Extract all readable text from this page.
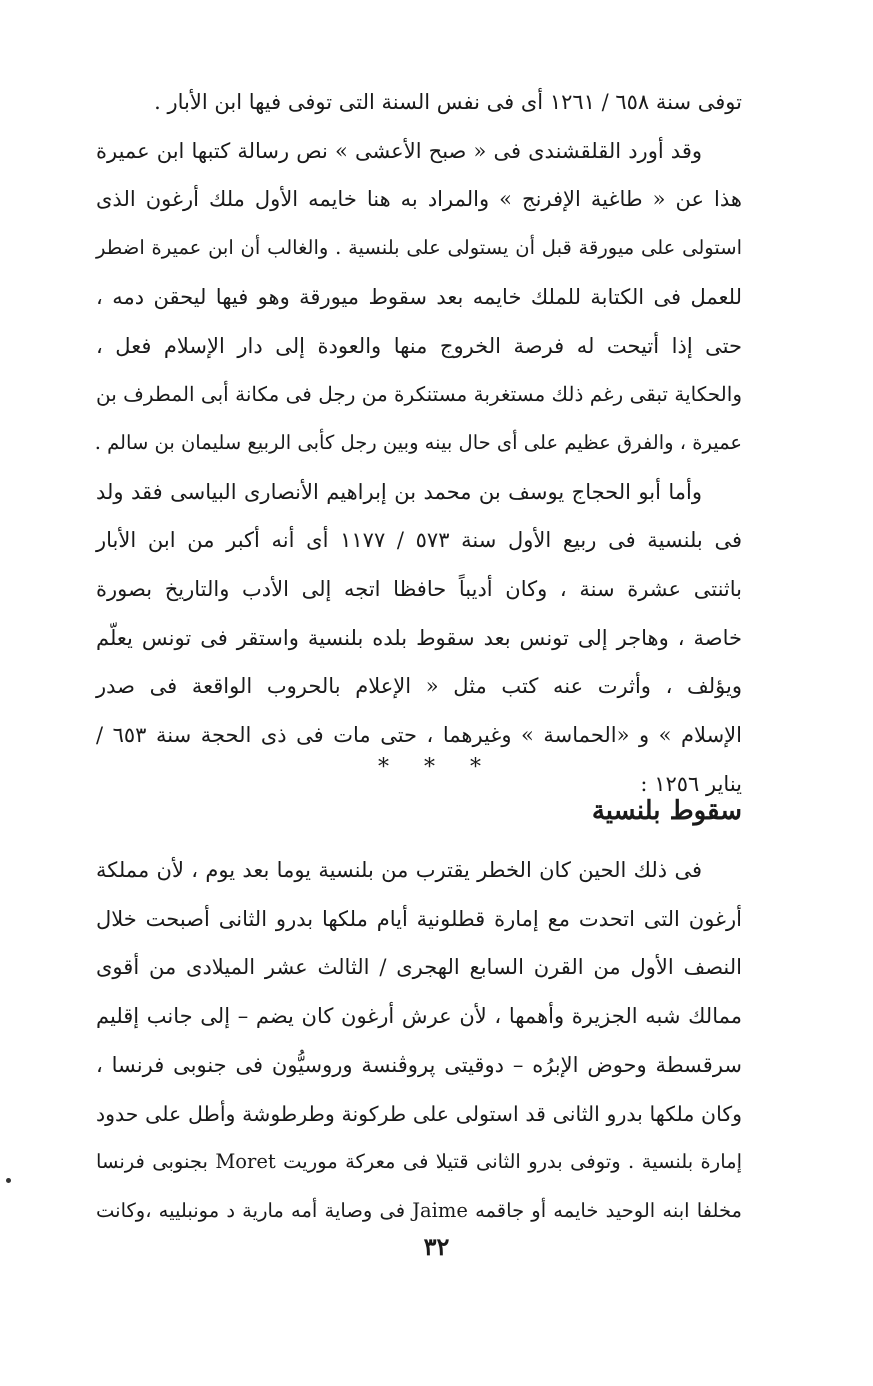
توفى سنة ٦٥٨ / ١٢٦١ أى فى نفس السنة التى توفى فيها ابن الأبار .
وقد أورد القلقشندى فى « صبح الأعشى » نص رسالة كتبها ابن عميرة
هذا عن « طاغية الإفرنج » والمراد به هنا خايمه الأول ملك أرغون الذى
استولى على ميورقة قبل أن يستولى على بلنسية . والغالب أن ابن عميرة اضطر
للعمل فى الكتابة للملك خايمه بعد سقوط ميورقة وهو فيها ليحقن دمه ،
حتى إذا أتيحت له فرصة الخروج منها والعودة إلى دار الإسلام فعل ،
والحكاية تبقى رغم ذلك مستغربة مستنكرة من رجل فى مكانة أبى المطرف بن
عميرة ، والفرق عظيم على أى حال بينه وبين رجل كأبى الربيع سليمان بن سالم .
وأما أبو الحجاج يوسف بن محمد بن إبراهيم الأنصارى البياسى فقد ولد
فى بلنسية فى ربيع الأول سنة ٥٧٣ / ١١٧٧ أى أنه أكبر من ابن الأبار
باثنتى عشرة سنة ، وكان أديباً حافظا اتجه إلى الأدب والتاريخ بصورة
خاصة ، وهاجر إلى تونس بعد سقوط بلده بلنسية واستقر فى تونس يعلّم
ويؤلف ، وأثرت عنه كتب مثل « الإعلام بالحروب الواقعة فى صدر
الإسلام » و «الحماسة » وغيرهما ، حتى مات فى ذى الحجة سنة ٦٥٣ /
يناير ١٢٥٦ :
* * *
سقوط بلنسية
فى ذلك الحين كان الخطر يقترب من بلنسية يوما بعد يوم ، لأن مملكة
أرغون التى اتحدت مع إمارة قطلونية أيام ملكها بدرو الثانى أصبحت خلال
النصف الأول من القرن السابع الهجرى / الثالث عشر الميلادى من أقوى
ممالك شبه الجزيرة وأهمها ، لأن عرش أرغون كان يضم – إلى جانب إقليم
سرقسطة وحوض الإبرُه – دوقيتى پروڤنسة وروسيُّون فى جنوبى فرنسا ،
وكان ملكها بدرو الثانى قد استولى على طركونة وطرطوشة وأطل على حدود
إمارة بلنسية . وتوفى بدرو الثانى قتيلا فى معركة موريت Moret بجنوبى فرنسا
مخلفا ابنه الوحيد خايمه أو جاقمه Jaime فى وصاية أمه مارية د مونبلييه ،وكانت
٣٢
